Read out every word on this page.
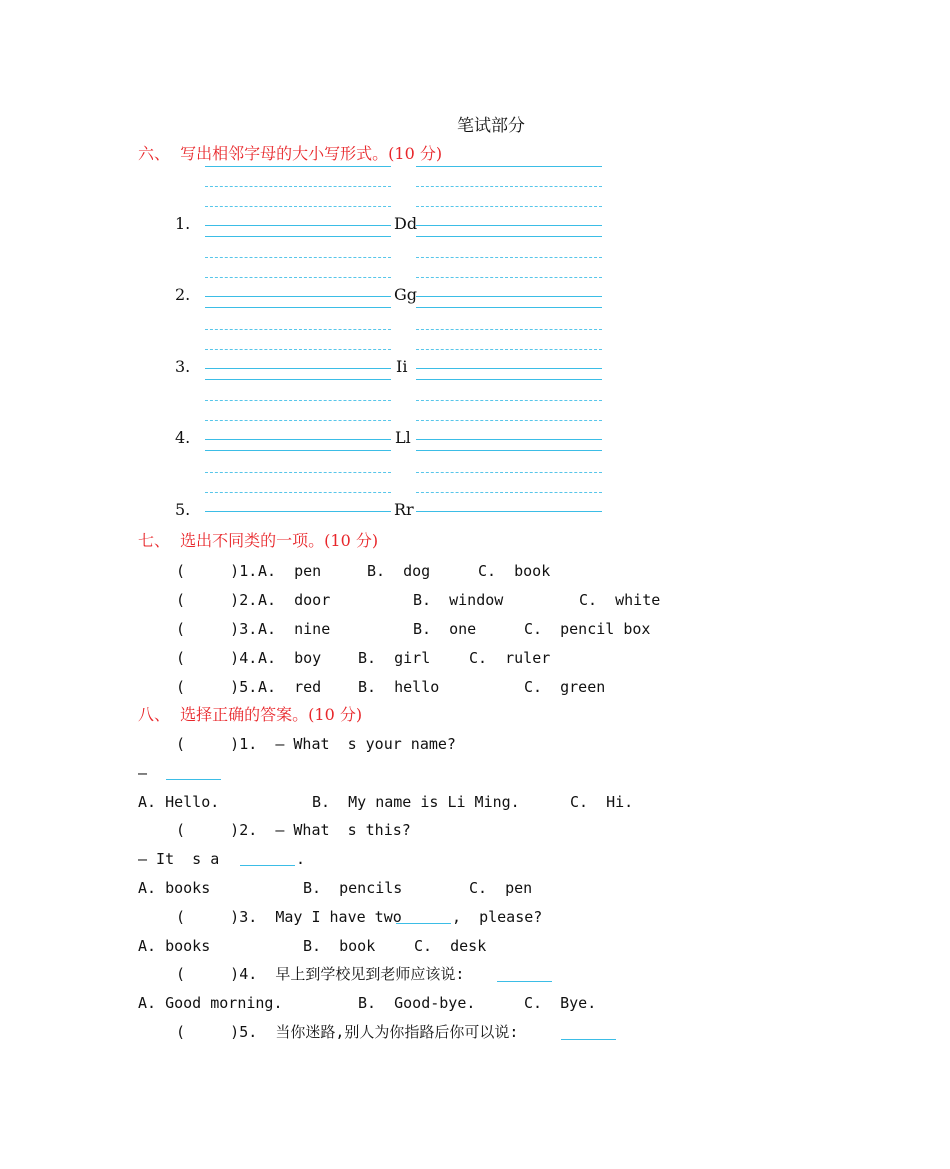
笔试部分
六、  写出相邻字母的大小写形式。(10 分)
1.	Dd
2.	Gg
3.	Ii
4.	Ll
5.	Rr
七、  选出不同类的一项。(10 分)
(     )1. A.  pen	B.  dog	C.  book
(     )2. A.  door	B.  window	C.  white
(     )3. A.  nine	B.  one	C.  pencil box
(     )4. A.  boy B.  girl	C.  ruler
(     )5. A.  red B.  hello	C.  green
八、  选择正确的答案。(10 分)
(     )1.  — What  s your name?
—
A. Hello.	B.  My name is Li Ming.	C.  Hi.
(     )2.  — What  s this?
— It  s a	.
A. books	B.  pencils	C.  pen
(     )3.  May I have two	,  please?
A. books	B.  book	C.  desk
(     )4.  早上到学校见到老师应该说:
A. Good morning.	B.  Good-bye.	C.  Bye.
(     )5.  当你迷路,别人为你指路后你可以说:
